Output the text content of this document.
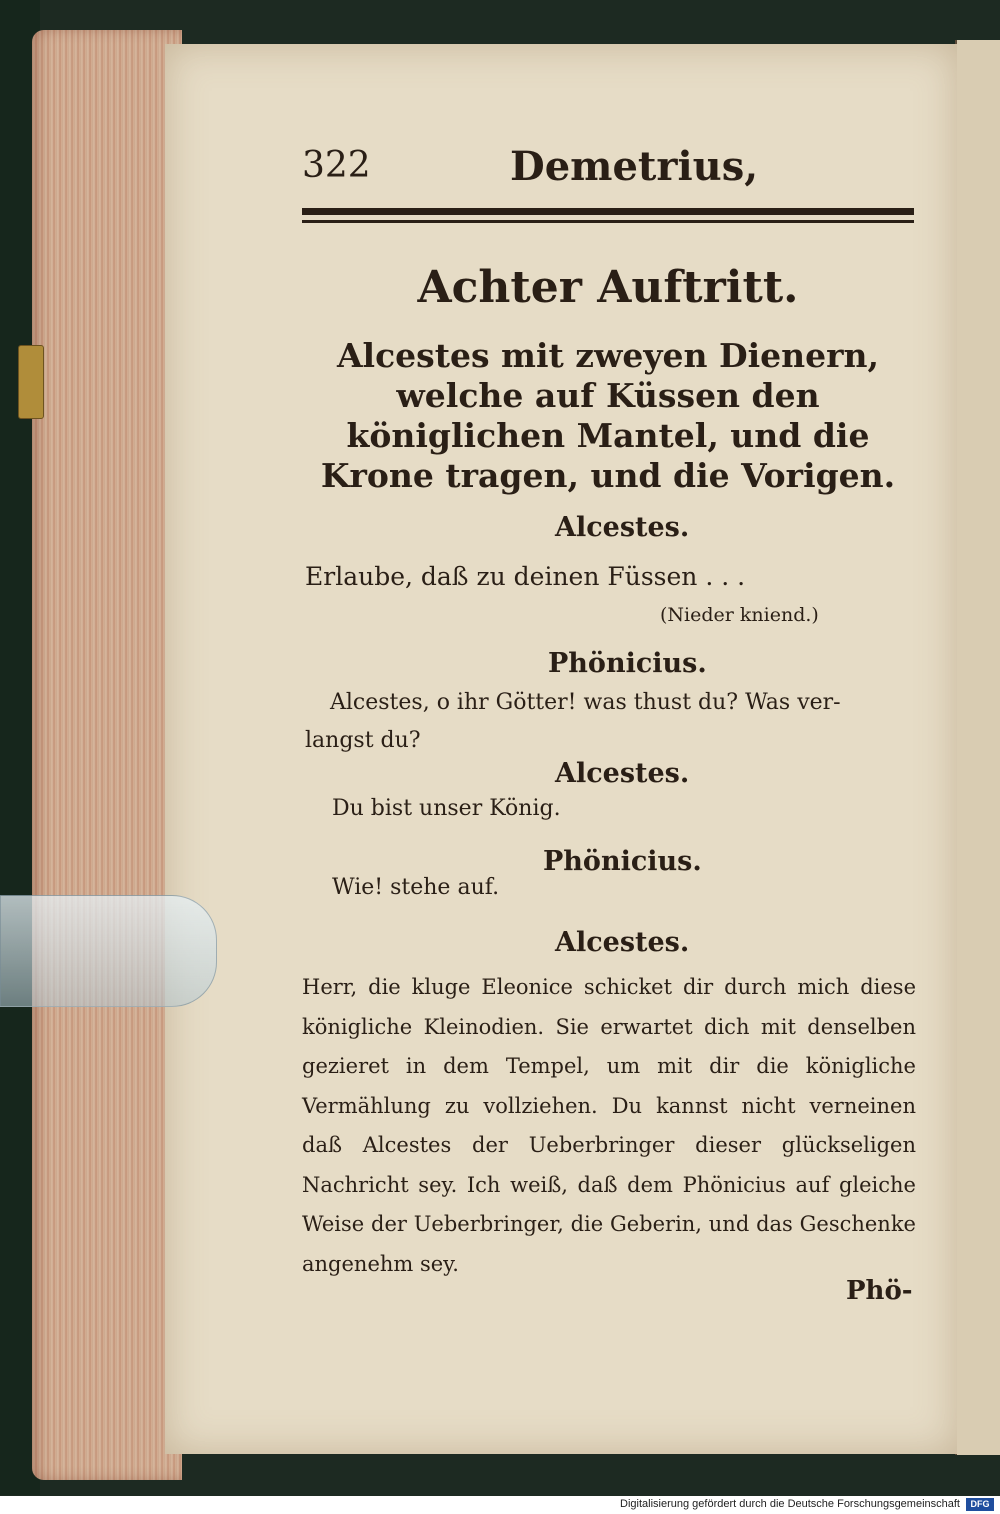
322	Demetrius,
Achter Auftritt.
Alcestes mit zweyen Dienern, welche auf Küssen den königlichen Mantel, und die Krone tragen, und die Vorigen.
Alcestes.
Erlaube, daß zu deinen Füssen . . .
(Nieder kniend.)
Phönicius.
Alcestes, o ihr Götter! was thust du? Was ver-
langst du?
Alcestes.
Du bist unser König.
Phönicius.
Wie! stehe auf.
Alcestes.
Herr, die kluge Eleonice schicket dir durch mich diese königliche Kleinodien. Sie erwartet dich mit denselben gezieret in dem Tempel, um mit dir die königliche Vermählung zu vollziehen. Du kannst nicht verneinen daß Alcestes der Ueberbringer dieser glückseligen Nachricht sey. Ich weiß, daß dem Phönicius auf gleiche Weise der Ueberbringer, die Geberin, und das Geschenke angenehm sey.
Phö-
Digitalisierung gefördert durch die Deutsche Forschungsgemeinschaft	DFG
